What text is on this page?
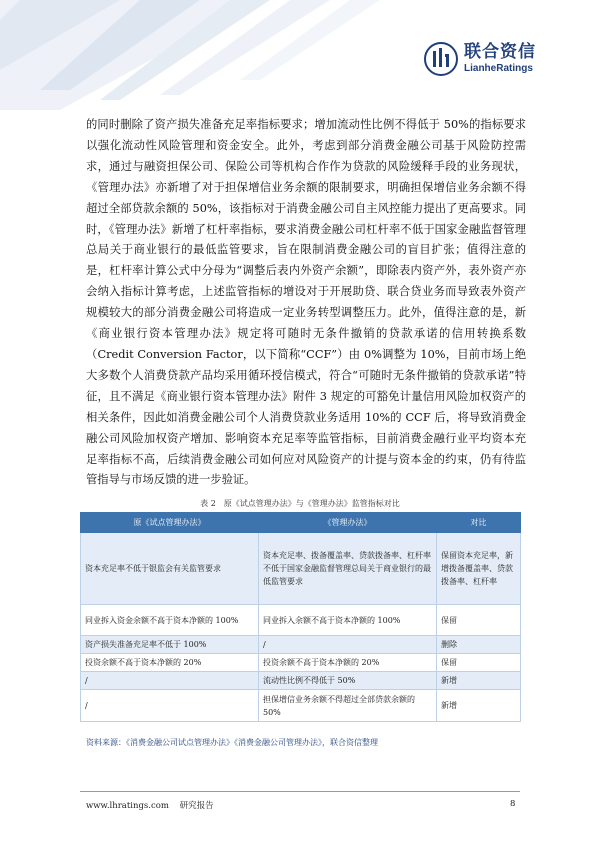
联合资信
LianheRatings

的同时删除了资产损失准备充足率指标要求；增加流动性比例不得低于 50%的指标要求以强化流动性风险管理和资金安全。此外，考虑到部分消费金融公司基于风险防控需求，通过与融资担保公司、保险公司等机构合作作为贷款的风险缓释手段的业务现状，《管理办法》亦新增了对于担保增信业务余额的限制要求，明确担保增信业务余额不得超过全部贷款余额的 50%，该指标对于消费金融公司自主风控能力提出了更高要求。同时，《管理办法》新增了杠杆率指标，要求消费金融公司杠杆率不低于国家金融监督管理总局关于商业银行的最低监管要求，旨在限制消费金融公司的盲目扩张；值得注意的是，杠杆率计算公式中分母为“调整后表内外资产余额”，即除表内资产外，表外资产亦会纳入指标计算考虑，上述监管指标的增设对于开展助贷、联合贷业务而导致表外资产规模较大的部分消费金融公司将造成一定业务转型调整压力。此外，值得注意的是，新《商业银行资本管理办法》规定将可随时无条件撤销的贷款承诺的信用转换系数（Credit Conversion Factor，以下简称“CCF”）由 0%调整为 10%，目前市场上绝大多数个人消费贷款产品均采用循环授信模式，符合“可随时无条件撤销的贷款承诺”特征，且不满足《商业银行资本管理办法》附件 3 规定的可豁免计量信用风险加权资产的相关条件，因此如消费金融公司个人消费贷款业务适用 10%的 CCF 后，将导致消费金融公司风险加权资产增加、影响资本充足率等监管指标，目前消费金融行业平均资本充足率指标不高，后续消费金融公司如何应对风险资产的计提与资本金的约束，仍有待监管指导与市场反馈的进一步验证。

表 2　原《试点管理办法》与《管理办法》监管指标对比
原《试点管理办法》	《管理办法》	对比
资本充足率不低于银监会有关监管要求	资本充足率、拨备覆盖率、贷款拨备率、杠杆率不低于国家金融监督管理总局关于商业银行的最低监管要求	保留资本充足率，新增拨备覆盖率、贷款拨备率、杠杆率
同业拆入资金余额不高于资本净额的 100%	同业拆入余额不高于资本净额的 100%	保留
资产损失准备充足率不低于 100%	/	删除
投资余额不高于资本净额的 20%	投资余额不高于资本净额的 20%	保留
/	流动性比例不得低于 50%	新增
/	担保增信业务余额不得超过全部贷款余额的 50%	新增
资料来源：《消费金融公司试点管理办法》《消费金融公司管理办法》，联合资信整理
www.lhratings.com 研究报告	8
